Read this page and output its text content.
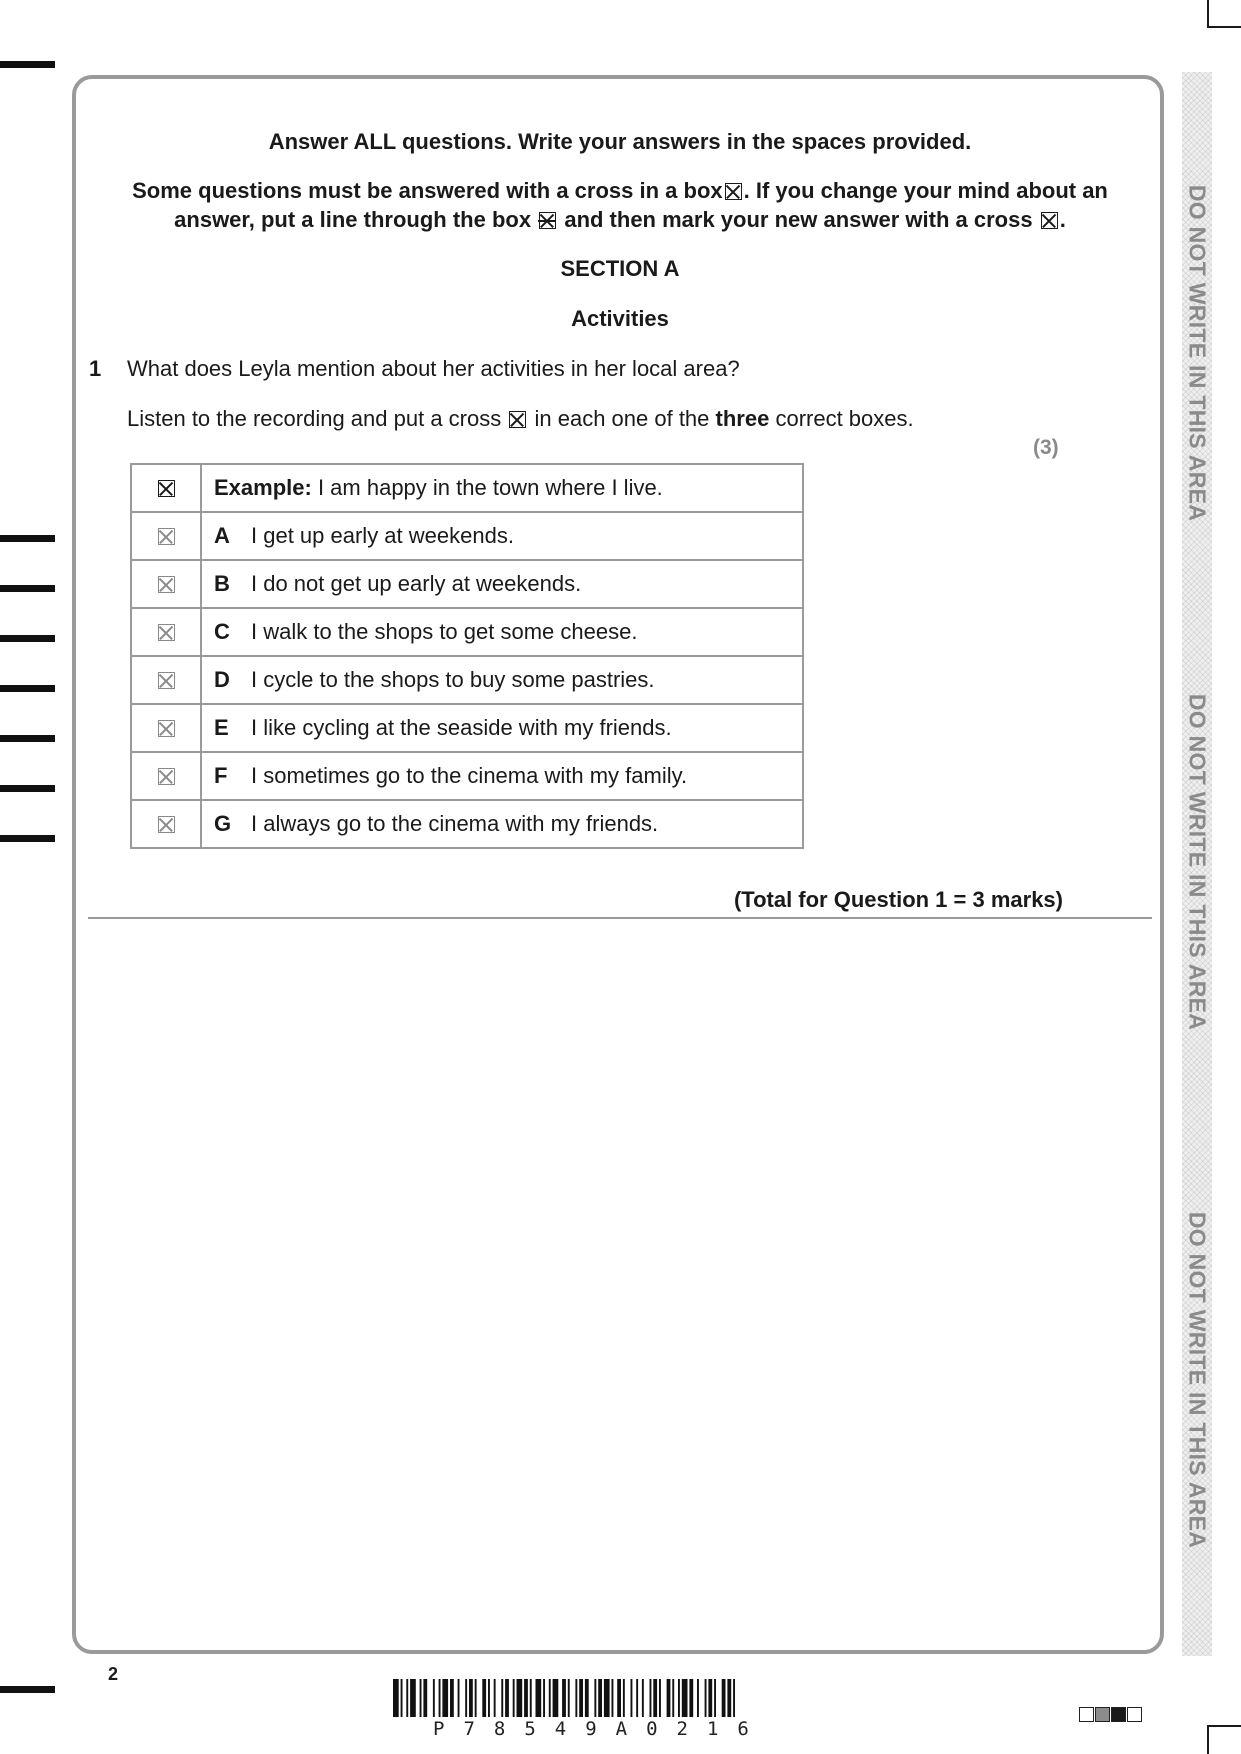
Answer ALL questions. Write your answers in the spaces provided.
Some questions must be answered with a cross in a box ☒ . If you change your mind about an
answer, put a line through the box and then mark your new answer with a cross ☒ .
SECTION A
Activities
1 What does Leyla mention about her activities in her local area?
Listen to the recording and put a cross ☒ in each one of the three correct boxes.
(3)
	Example: I am happy in the town where I live.
	A I get up early at weekends.
	B I do not get up early at weekends.
	C I walk to the shops to get some cheese.
	D I cycle to the shops to buy some pastries.
	E I like cycling at the seaside with my friends.
	F I sometimes go to the cinema with my family.
	G I always go to the cinema with my friends.
(Total for Question 1 = 3 marks)
DO NOT WRITE IN THIS AREA
DO NOT WRITE IN THIS AREA
DO NOT WRITE IN THIS AREA
2
P78549A0216
